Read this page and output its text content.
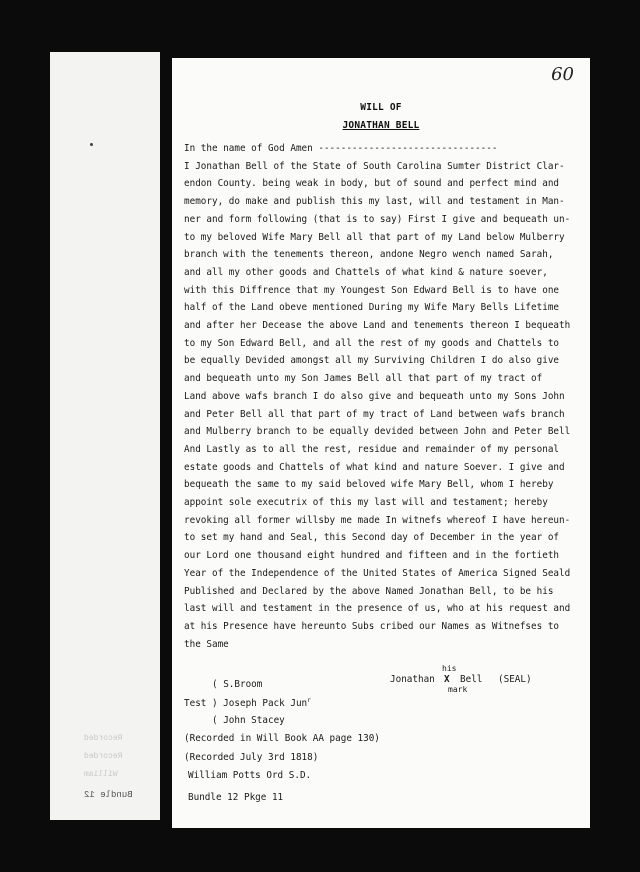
Recorded
Recorded
William
Bundle 12
60
WILL OF
JONATHAN BELL
In the name of God Amen --------------------------------
I Jonathan Bell of the State of South Carolina Sumter District Clar-
endon County. being weak in body, but of sound and perfect mind and
memory, do make and publish this my last, will and testament in Man-
ner and form following (that is to say) First I give and bequeath un-
to my beloved Wife Mary Bell all that part of my Land below Mulberry
branch with the tenements thereon, andone Negro wench named Sarah,
and all my other goods and Chattels of what kind & nature soever,
with this Diffrence that my Youngest Son Edward Bell is to have one
half of the Land obeve mentioned During my Wife Mary Bells Lifetime
and after her Decease the above Land and tenements thereon I bequeath
to my Son Edward Bell, and all the rest of my goods and Chattels to
be equally Devided amongst all my Surviving Children I do also give
and bequeath unto my Son James Bell all that part of my tract of
Land above wafs branch I do also give and bequeath unto my Sons John
and Peter Bell all that part of my tract of Land between wafs branch
and Mulberry branch to be equally devided between John and Peter Bell
And Lastly as to all the rest, residue and remainder of my personal
estate goods and Chattels of what kind and nature Soever. I give and
bequeath the same to my said beloved wife Mary Bell, whom I hereby
appoint sole executrix of this my last will and testament; hereby
revoking all former willsby me made In witnefs whereof I have hereun-
to set my hand and Seal, this Second day of December in the year of
our Lord one thousand eight hundred and fifteen and in the fortieth
Year of the Independence of the United States of America Signed Seald
Published and Declared by the above Named Jonathan Bell, to be his
last will and testament in the presence of us, who at his request and
at his Presence have hereunto Subs cribed our Names as Witnefses to
the Same
his
Jonathan X Bell (SEAL)
mark
( S.Broom
Test ) Joseph Pack Jun$^r$
( John Stacey
(Recorded in Will Book AA page 130)
(Recorded July 3rd 1818)
William Potts Ord S.D.
Bundle 12 Pkge 11
